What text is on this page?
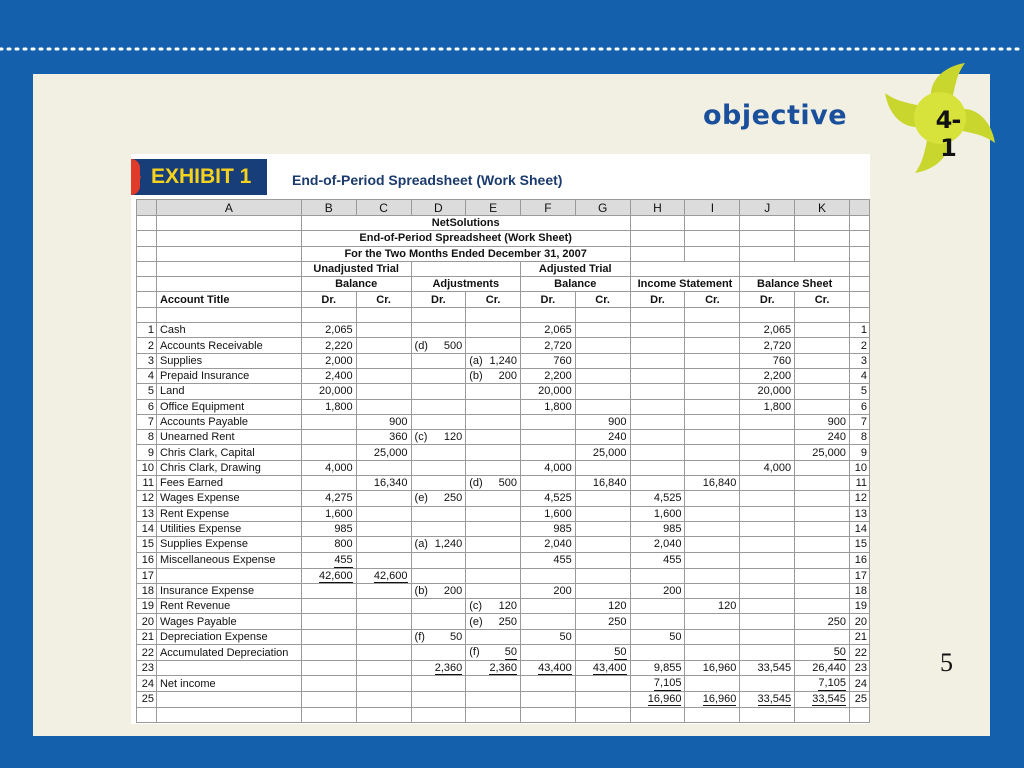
objective	4-1
EXHIBIT 1	End-of-Period Spreadsheet (Work Sheet)
	A	B	C	D	E	F	G	H	I	J	K	
		NetSolutions										
		End-of-Period Spreadsheet (Work Sheet)										
		For the Two Months Ended December 31, 2007										
		Unadjusted Trial				Adjusted Trial						
		Balance		Adjustments		Balance		Income Statement		Balance Sheet		
	Account Title	Dr.	Cr.	Dr.	Cr.	Dr.	Cr.	Dr.	Cr.	Dr.	Cr.	

1	Cash	2,065				2,065				2,065		1
2	Accounts Receivable	2,220		(d) 500		2,720				2,720		2
3	Supplies	2,000			(a) 1,240	760				760		3
4	Prepaid Insurance	2,400			(b) 200	2,200				2,200		4
5	Land	20,000				20,000				20,000		5
6	Office Equipment	1,800				1,800				1,800		6
7	Accounts Payable		900				900				900	7
8	Unearned Rent		360	(c) 120			240				240	8
9	Chris Clark, Capital		25,000				25,000				25,000	9
10	Chris Clark, Drawing	4,000				4,000				4,000		10
11	Fees Earned		16,340		(d) 500		16,840		16,840			11
12	Wages Expense	4,275		(e) 250		4,525		4,525				12
13	Rent Expense	1,600				1,600		1,600				13
14	Utilities Expense	985				985		985				14
15	Supplies Expense	800		(a) 1,240		2,040		2,040				15
16	Miscellaneous Expense	455				455		455				16
17		42,600	42,600									17
18	Insurance Expense			(b) 200		200		200				18
19	Rent Revenue				(c) 120		120		120			19
20	Wages Payable				(e) 250		250				250	20
21	Depreciation Expense			(f) 50		50		50				21
22	Accumulated Depreciation				(f) 50		50				50	22
23				2,360	2,360	43,400	43,400	9,855	16,960	33,545	26,440	23
24	Net income							7,105			7,105	24
25								16,960	16,960	33,545	33,545	25

5
